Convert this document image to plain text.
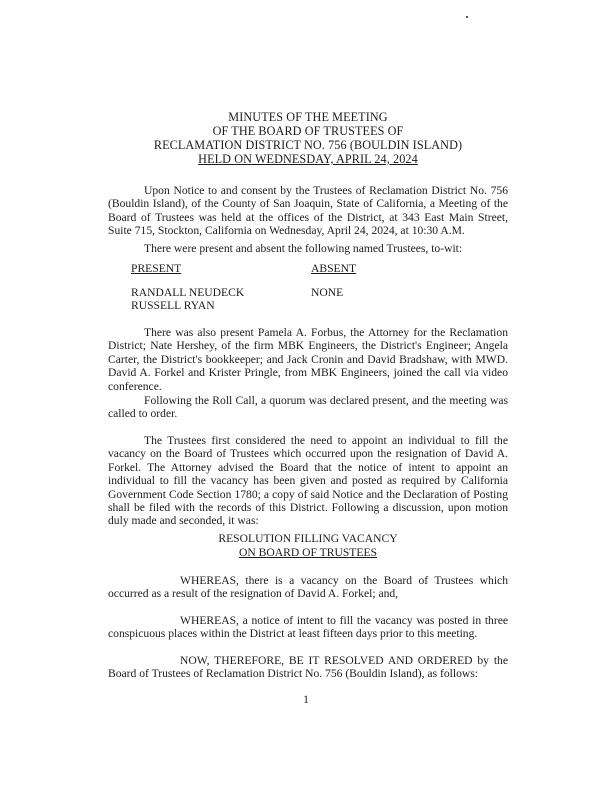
MINUTES OF THE MEETING
OF THE BOARD OF TRUSTEES OF
RECLAMATION DISTRICT NO. 756 (BOULDIN ISLAND)
HELD ON WEDNESDAY, APRIL 24, 2024
Upon Notice to and consent by the Trustees of Reclamation District No. 756 (Bouldin Island), of the County of San Joaquin, State of California, a Meeting of the Board of Trustees was held at the offices of the District, at 343 East Main Street, Suite 715, Stockton, California on Wednesday, April 24, 2024, at 10:30 A.M.
There were present and absent the following named Trustees, to-wit:
PRESENT	ABSENT
RANDALL NEUDECK
RUSSELL RYAN
NONE
There was also present Pamela A. Forbus, the Attorney for the Reclamation District; Nate Hershey, of the firm MBK Engineers, the District's Engineer; Angela Carter, the District's bookkeeper; and Jack Cronin and David Bradshaw, with MWD. David A. Forkel and Krister Pringle, from MBK Engineers, joined the call via video conference.
Following the Roll Call, a quorum was declared present, and the meeting was called to order.
The Trustees first considered the need to appoint an individual to fill the vacancy on the Board of Trustees which occurred upon the resignation of David A. Forkel. The Attorney advised the Board that the notice of intent to appoint an individual to fill the vacancy has been given and posted as required by California Government Code Section 1780; a copy of said Notice and the Declaration of Posting shall be filed with the records of this District. Following a discussion, upon motion duly made and seconded, it was:
RESOLUTION FILLING VACANCY
ON BOARD OF TRUSTEES
WHEREAS, there is a vacancy on the Board of Trustees which occurred as a result of the resignation of David A. Forkel; and,
WHEREAS, a notice of intent to fill the vacancy was posted in three conspicuous places within the District at least fifteen days prior to this meeting.
NOW, THEREFORE, BE IT RESOLVED AND ORDERED by the Board of Trustees of Reclamation District No. 756 (Bouldin Island), as follows:
1
